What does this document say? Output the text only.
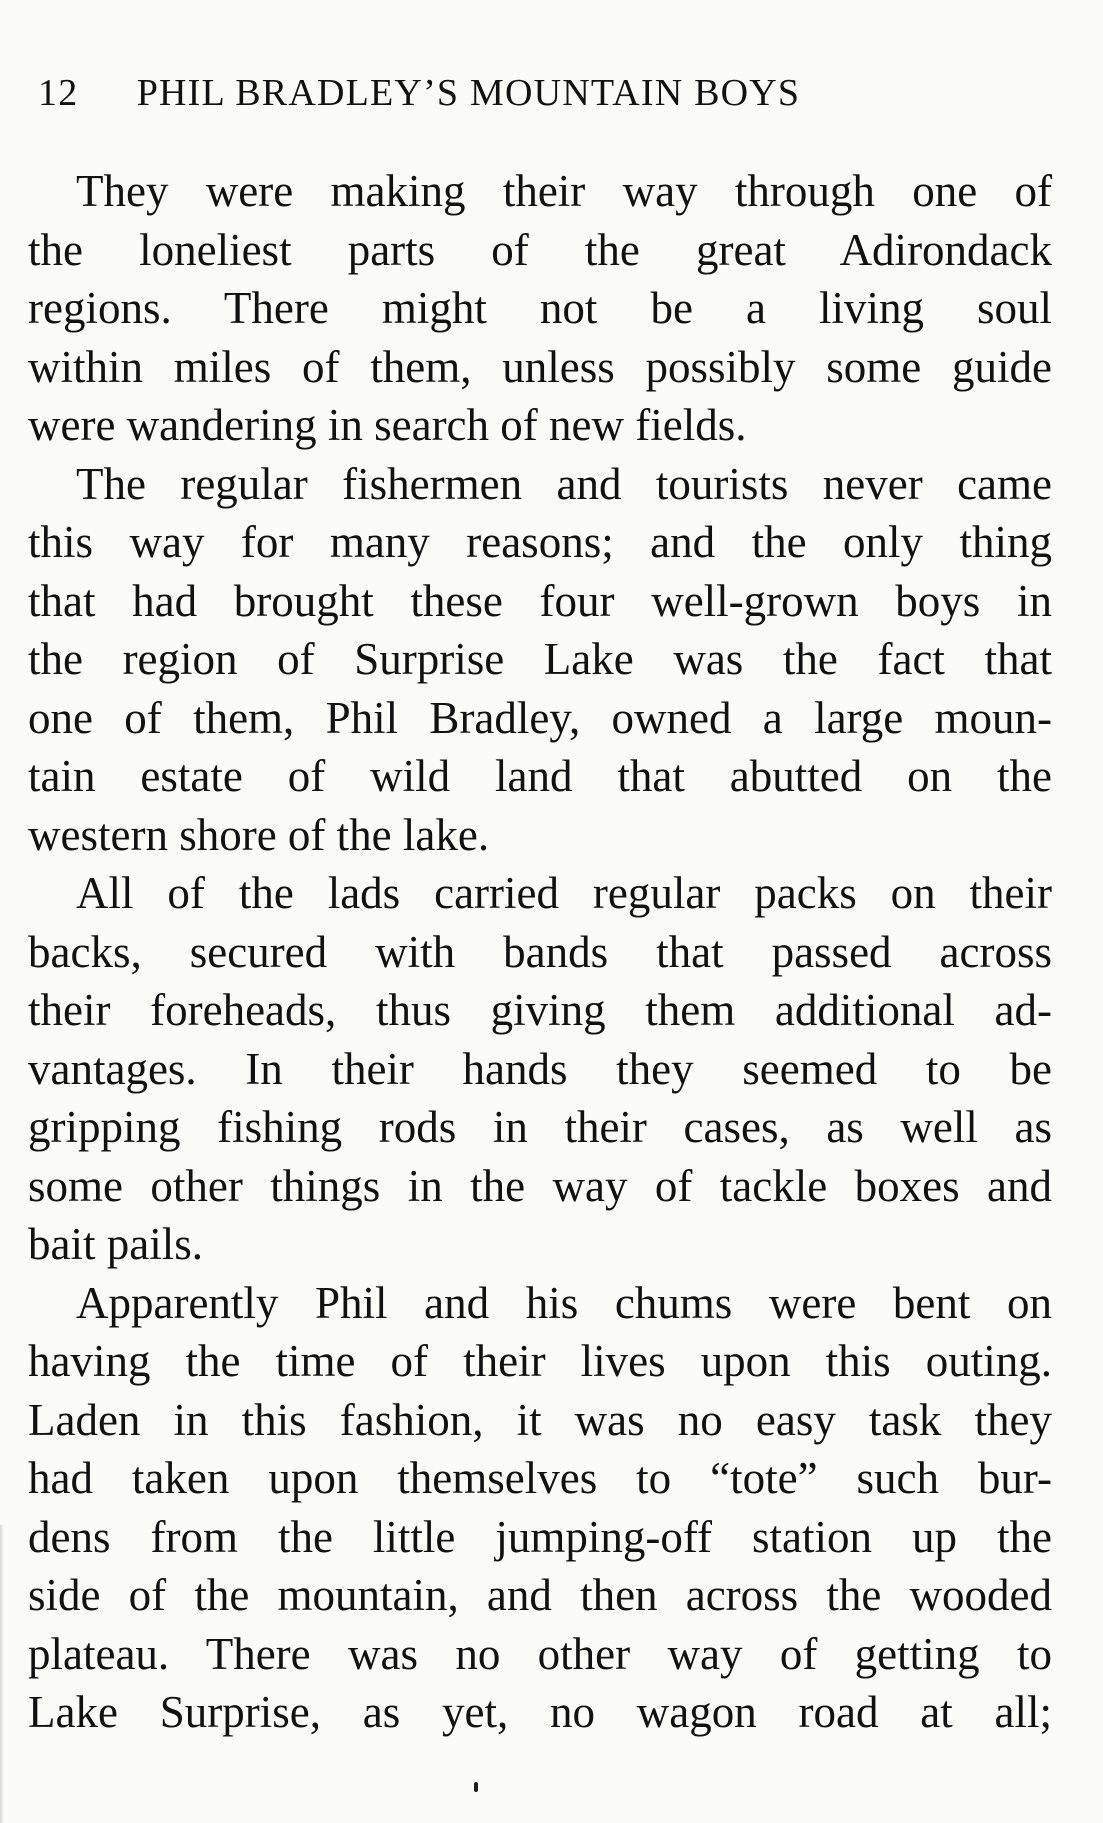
12 PHIL BRADLEY’S MOUNTAIN BOYS

They were making their way through one of
the loneliest parts of the great Adirondack
regions. There might not be a living soul
within miles of them, unless possibly some guide
were wandering in search of new fields.

The regular fishermen and tourists never came
this way for many reasons; and the only thing
that had brought these four well-grown boys in
the region of Surprise Lake was the fact that
one of them, Phil Bradley, owned a large moun-
tain estate of wild land that abutted on the
western shore of the lake.

All of the lads carried regular packs on their
backs, secured with bands that passed across
their foreheads, thus giving them additional ad-
vantages. In their hands they seemed to be
gripping fishing rods in their cases, as well as
some other things in the way of tackle boxes and
bait pails.

Apparently Phil and his chums were bent on
having the time of their lives upon this outing.
Laden in this fashion, it was no easy task they
had taken upon themselves to “tote” such bur-
dens from the little jumping-off station up the
side of the mountain, and then across the wooded
plateau. There was no other way of getting to
Lake Surprise, as yet, no wagon road at all;
